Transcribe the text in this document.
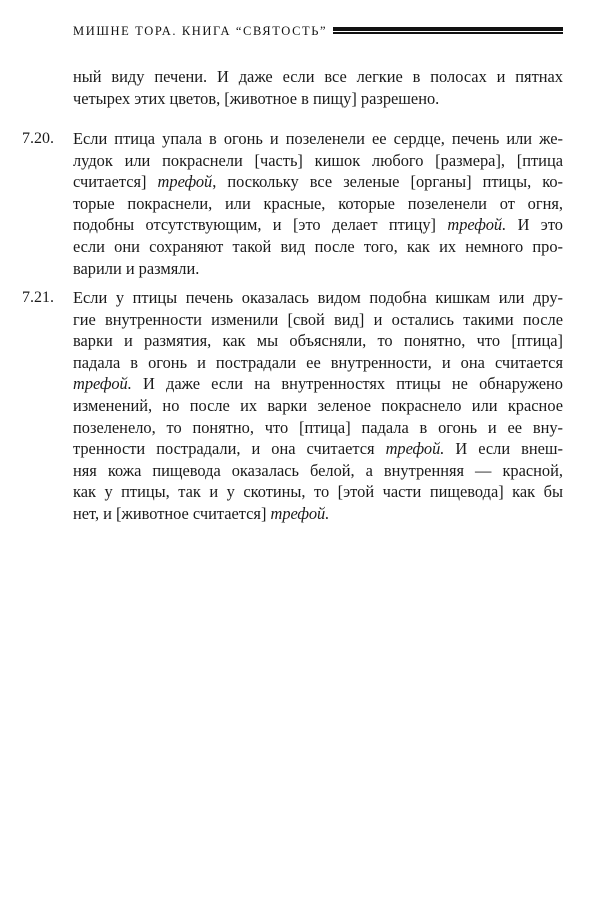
МИШНЕ ТОРА. КНИГА “СВЯТОСТЬ”
ный виду печени. И даже если все легкие в полосах и пятнах
четырех этих цветов, [животное в пищу] разрешено.
7.20. Если птица упала в огонь и позеленели ее сердце, печень или же-
лудок или покраснели [часть] кишок любого [размера], [птица
считается] трефой, поскольку все зеленые [органы] птицы, ко-
торые покраснели, или красные, которые позеленели от огня,
подобны отсутствующим, и [это делает птицу] трефой. И это
если они сохраняют такой вид после того, как их немного про-
варили и размяли.
7.21. Если у птицы печень оказалась видом подобна кишкам или дру-
гие внутренности изменили [свой вид] и остались такими после
варки и размятия, как мы объясняли, то понятно, что [птица]
падала в огонь и пострадали ее внутренности, и она считается
трефой. И даже если на внутренностях птицы не обнаружено
изменений, но после их варки зеленое покраснело или красное
позеленело, то понятно, что [птица] падала в огонь и ее вну-
тренности пострадали, и она считается трефой. И если внеш-
няя кожа пищевода оказалась белой, а внутренняя — красной,
как у птицы, так и у скотины, то [этой части пищевода] как бы
нет, и [животное считается] трефой.
